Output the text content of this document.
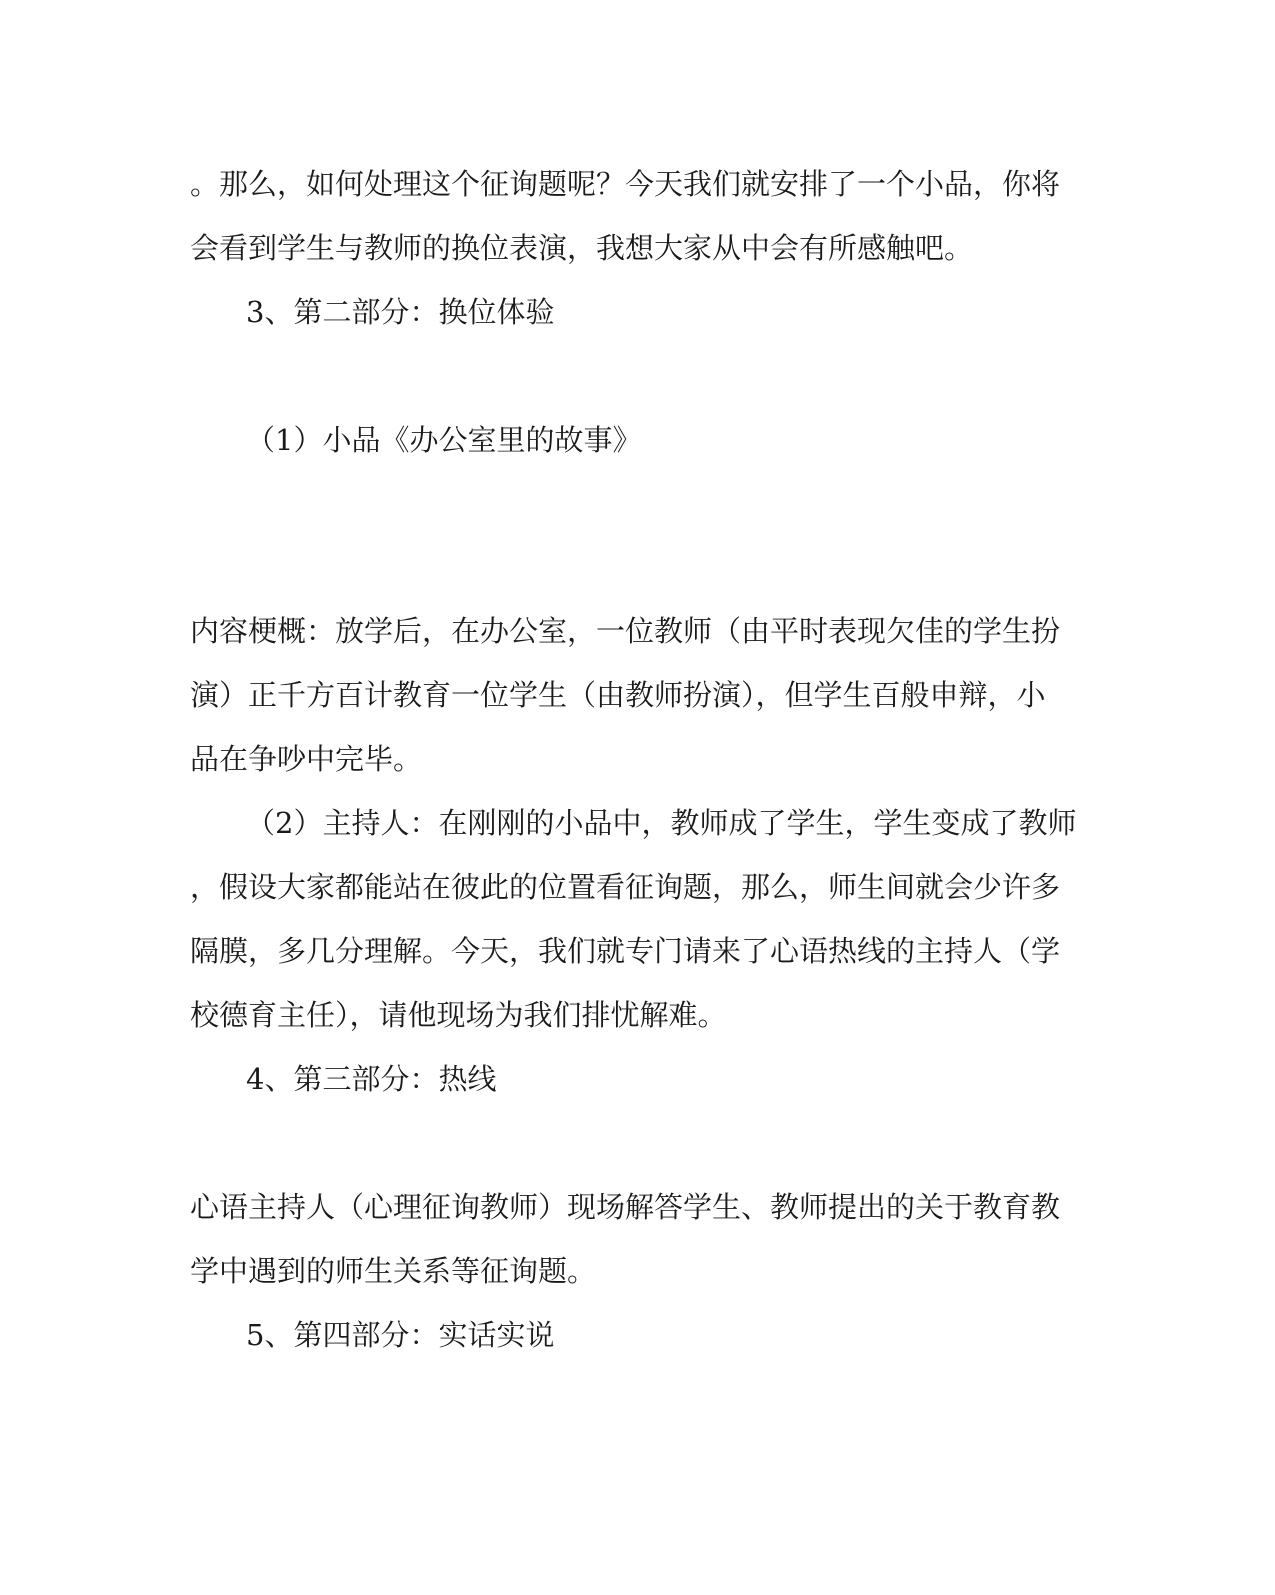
。那么，如何处理这个征询题呢？今天我们就安排了一个小品，你将

会看到学生与教师的换位表演，我想大家从中会有所感触吧。

3、第二部分：换位体验

（1）小品《办公室里的故事》

内容梗概：放学后，在办公室，一位教师（由平时表现欠佳的学生扮

演）正千方百计教育一位学生（由教师扮演），但学生百般申辩，小

品在争吵中完毕。

（2）主持人：在刚刚的小品中，教师成了学生，学生变成了教师

，假设大家都能站在彼此的位置看征询题，那么，师生间就会少许多

隔膜，多几分理解。今天，我们就专门请来了心语热线的主持人（学

校德育主任），请他现场为我们排忧解难。

4、第三部分：热线

心语主持人（心理征询教师）现场解答学生、教师提出的关于教育教

学中遇到的师生关系等征询题。

5、第四部分：实话实说
